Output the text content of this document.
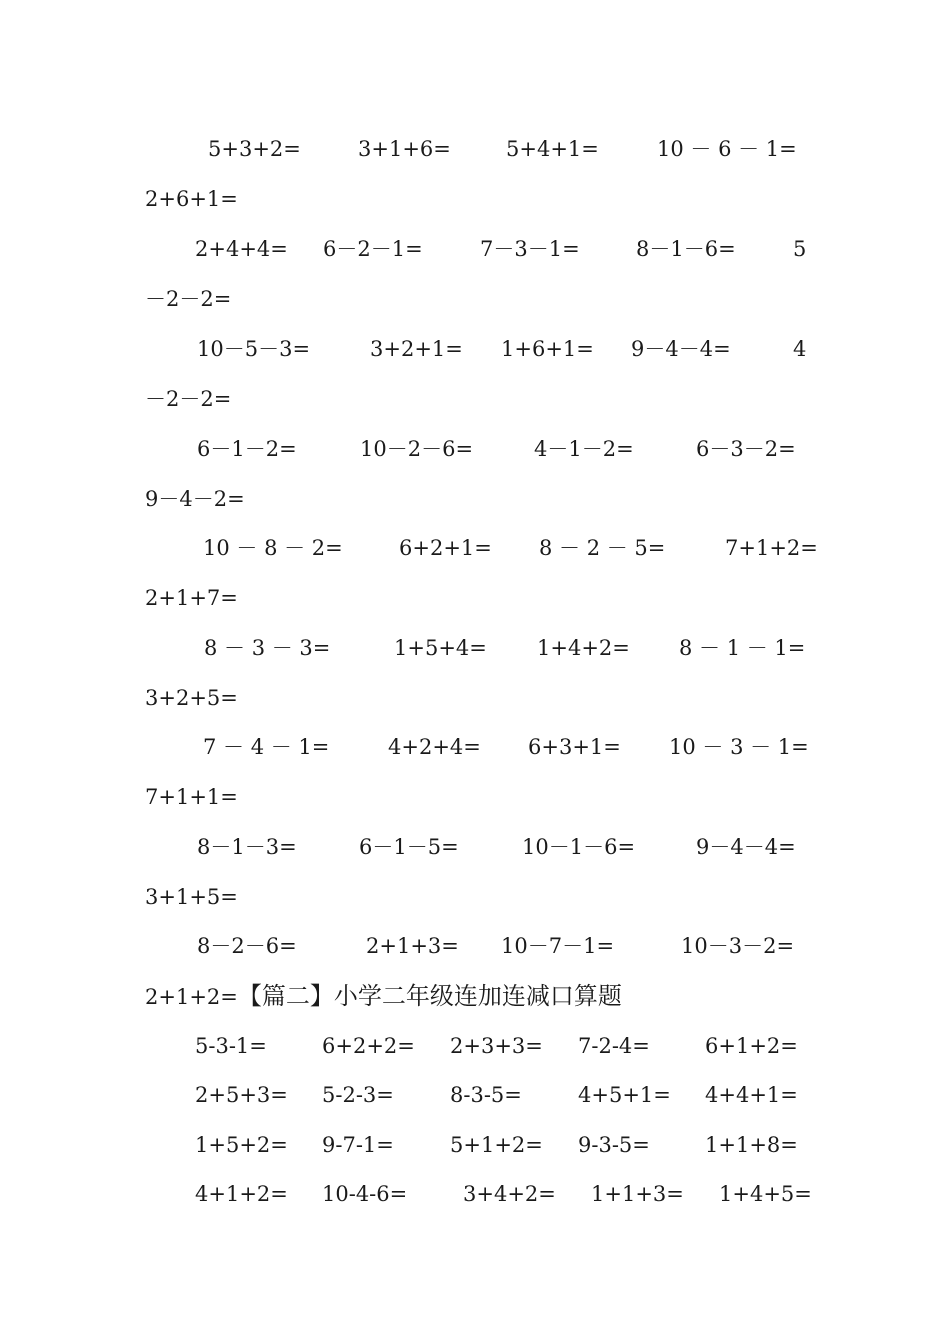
5+3+2=	3+1+6=	5+4+1=	10 － 6 － 1=
2+6+1=
2+4+4= 6－2－1=	7－3－1=	8－1－6=	5
－2－2=
10－5－3=	3+2+1= 1+6+1= 9－4－4=	4
－2－2=
6－1－2=	10－2－6=	4－1－2=	6－3－2=
9－4－2=
10 － 8 － 2=	6+2+1= 8 － 2 － 5=	7+1+2=
2+1+7=
8 － 3 － 3=	1+5+4= 1+4+2= 8 － 1 － 1=
3+2+5=
7 － 4 － 1=	4+2+4= 6+3+1= 10 － 3 － 1=
7+1+1=
8－1－3=	6－1－5=	10－1－6=	9－4－4=
3+1+5=
8－2－6=	2+1+3= 10－7－1=	10－3－2=
2+1+2=【篇二】小学二年级连加连减口算题
5-3-1=	6+2+2= 2+3+3= 7-2-4=	6+1+2=
2+5+3= 5-2-3=	8-3-5=	4+5+1= 4+4+1=
1+5+2= 9-7-1=	5+1+2= 9-3-5=	1+1+8=
4+1+2= 10-4-6=	3+4+2= 1+1+3= 1+4+5=
